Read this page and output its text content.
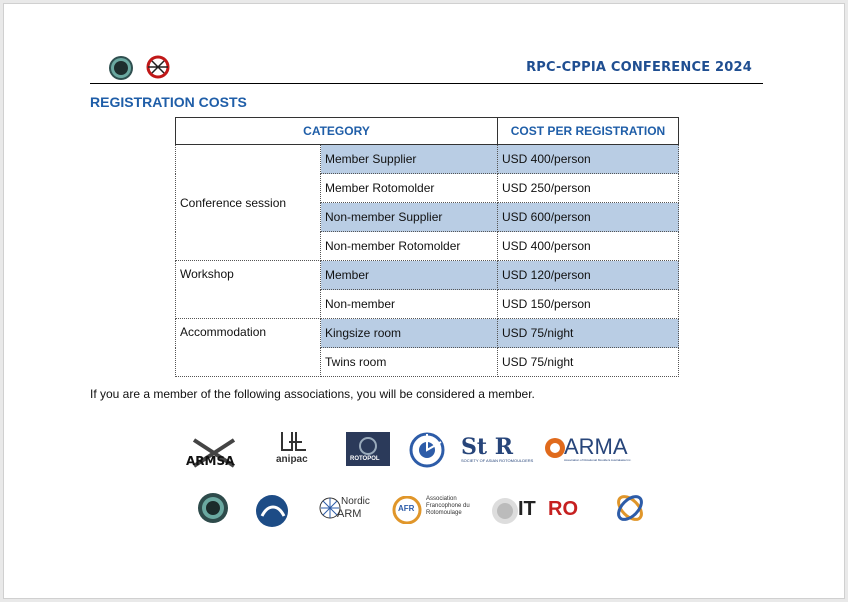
RPC-CPPIA CONFERENCE 2024
REGISTRATION COSTS
CATEGORY		COST PER REGISTRATION
Conference session	Member Supplier	USD 400/person
	Member Rotomolder	USD 250/person
	Non-member Supplier	USD 600/person
	Non-member Rotomolder	USD 400/person
Workshop	Member	USD 120/person
	Non-member	USD 150/person
Accommodation	Kingsize room	USD 75/night
	Twins room	USD 75/night
If you are a member of the following associations, you will be considered a member.
ARMSA	anipac	ROTOPOL	St R
SOCIETY OF ASIAN ROTOMOULDERS
ARMA
Association of Rotational Moulders Australasia Inc.
Nordic
ARM	AFR
Association
Francophone du
Rotomoulage	IT RO
